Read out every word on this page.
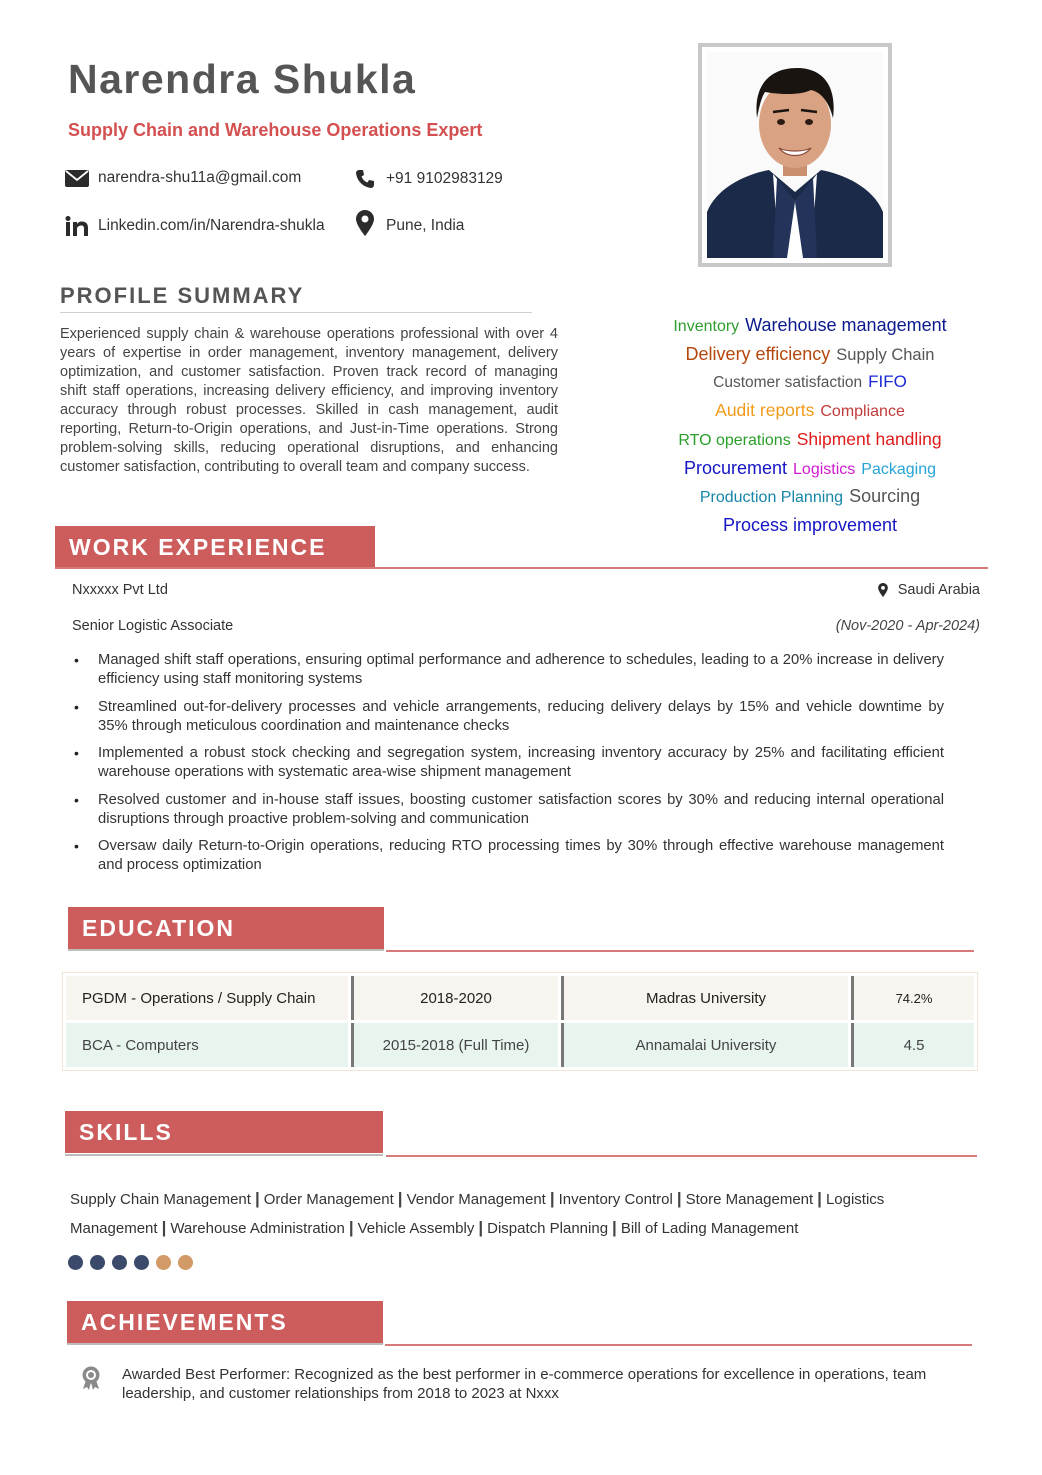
Narendra Shukla
Supply Chain and Warehouse Operations Expert
narendra-shu11a@gmail.com	+91 9102983129
Linkedin.com/in/Narendra-shukla	Pune, India
PROFILE SUMMARY
Experienced supply chain & warehouse operations professional with over 4 years of expertise in order management, inventory management, delivery optimization, and customer satisfaction. Proven track record of managing shift staff operations, increasing delivery efficiency, and improving inventory accuracy through robust processes. Skilled in cash management, audit reporting, Return-to-Origin operations, and Just-in-Time operations. Strong problem-solving skills, reducing operational disruptions, and enhancing customer satisfaction, contributing to overall team and company success.
Inventory Warehouse management
Delivery efficiency Supply Chain
Customer satisfaction FIFO
Audit reports Compliance
RTO operations Shipment handling
Procurement Logistics Packaging
Production Planning Sourcing
Process improvement
WORK EXPERIENCE
Nxxxxx Pvt Ltd	Saudi Arabia
Senior Logistic Associate	(Nov-2020 - Apr-2024)
• Managed shift staff operations, ensuring optimal performance and adherence to schedules, leading to a 20% increase in delivery efficiency using staff monitoring systems
• Streamlined out-for-delivery processes and vehicle arrangements, reducing delivery delays by 15% and vehicle downtime by 35% through meticulous coordination and maintenance checks
• Implemented a robust stock checking and segregation system, increasing inventory accuracy by 25% and facilitating efficient warehouse operations with systematic area-wise shipment management
• Resolved customer and in-house staff issues, boosting customer satisfaction scores by 30% and reducing internal operational disruptions through proactive problem-solving and communication
• Oversaw daily Return-to-Origin operations, reducing RTO processing times by 30% through effective warehouse management and process optimization
EDUCATION
PGDM - Operations / Supply Chain	2018-2020	Madras University	74.2%
BCA - Computers	2015-2018 (Full Time)	Annamalai University	4.5
SKILLS
Supply Chain Management | Order Management | Vendor Management | Inventory Control | Store Management | Logistics Management | Warehouse Administration | Vehicle Assembly | Dispatch Planning | Bill of Lading Management
ACHIEVEMENTS
Awarded Best Performer: Recognized as the best performer in e-commerce operations for excellence in operations, team leadership, and customer relationships from 2018 to 2023 at Nxxx
